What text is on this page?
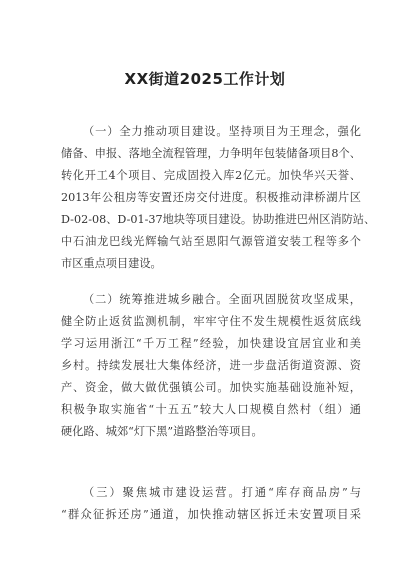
XX街道2025工作计划
（一）全力推动项目建设。坚持项目为王理念，强化
储备、申报、落地全流程管理，力争明年包装储备项目8个、
转化开工4个项目、完成固投入库2亿元。加快华兴天誉、
2013年公租房等安置还房交付进度。积极推动津桥湖片区
D-02-08、D-01-37地块等项目建设。协助推进巴州区消防站、
中石油龙巴线光辉输气站至恩阳气源管道安装工程等多个
市区重点项目建设。
（二）统筹推进城乡融合。全面巩固脱贫攻坚成果，
健全防止返贫监测机制，牢牢守住不发生规模性返贫底线
学习运用浙江“千万工程”经验，加快建设宜居宜业和美
乡村。持续发展壮大集体经济，进一步盘活街道资源、资
产、资金，做大做优强镇公司。加快实施基础设施补短，
积极争取实施省“十五五”较大人口规模自然村（组）通
硬化路、城郊“灯下黑”道路整治等项目。
（三）聚焦城市建设运营。打通“库存商品房”与
“群众征拆还房”通道，加快推动辖区拆迁未安置项目采
